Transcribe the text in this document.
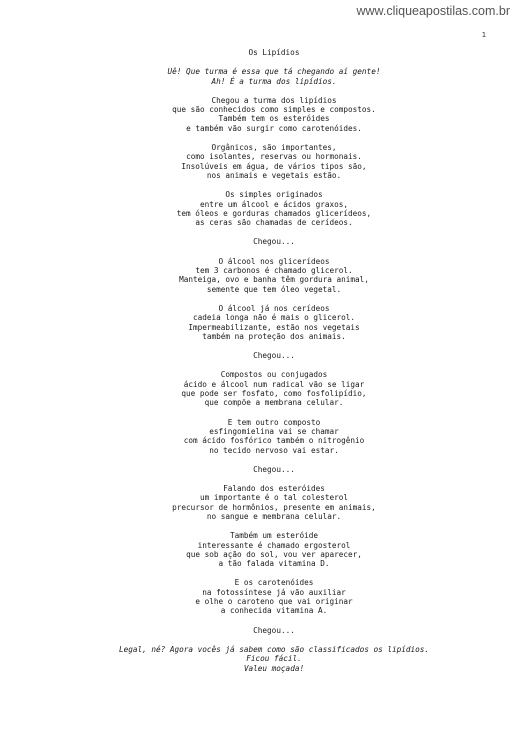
www.cliqueapostilas.com.br
1
Os Lipídios
Uê! Que turma é essa que tá chegando aí gente!
Ah! É a turma dos lipídios.
Chegou a turma dos lipídios
que são conhecidos como simples e compostos.
Também tem os esteróides
e também vão surgir como carotenóides.
Orgânicos, são importantes,
como isolantes, reservas ou hormonais.
Insolúveis em água, de vários tipos são,
nos animais e vegetais estão.
Os simples originados
entre um álcool e ácidos graxos,
tem óleos e gorduras chamados glicerídeos,
as ceras são chamadas de cerídeos.
Chegou...
O álcool nos glicerídeos
tem 3 carbonos é chamado glicerol.
Manteiga, ovo e banha têm gordura animal,
semente que tem óleo vegetal.
O álcool já nos cerídeos
cadeia longa não é mais o glicerol.
Impermeabilizante, estão nos vegetais
também na proteção dos animais.
Chegou...
Compostos ou conjugados
ácido e álcool num radical vão se ligar
que pode ser fosfato, como fosfolipídio,
que compõe a membrana celular.
E tem outro composto
esfingomielina vai se chamar
com ácido fosfórico também o nitrogênio
no tecido nervoso vai estar.
Chegou...
Falando dos esteróides
um importante é o tal colesterol
precursor de hormônios, presente em animais,
no sangue e membrana celular.
Também um esteróide
interessante é chamado ergosterol
que sob ação do sol, vou ver aparecer,
a tão falada vitamina D.
E os carotenóides
na fotossíntese já vão auxiliar
e olhe o caroteno que vai originar
a conhecida vitamina A.
Chegou...
Legal, né? Agora vocês já sabem como são classificados os lipídios.
Ficou fácil.
Valeu moçada!
